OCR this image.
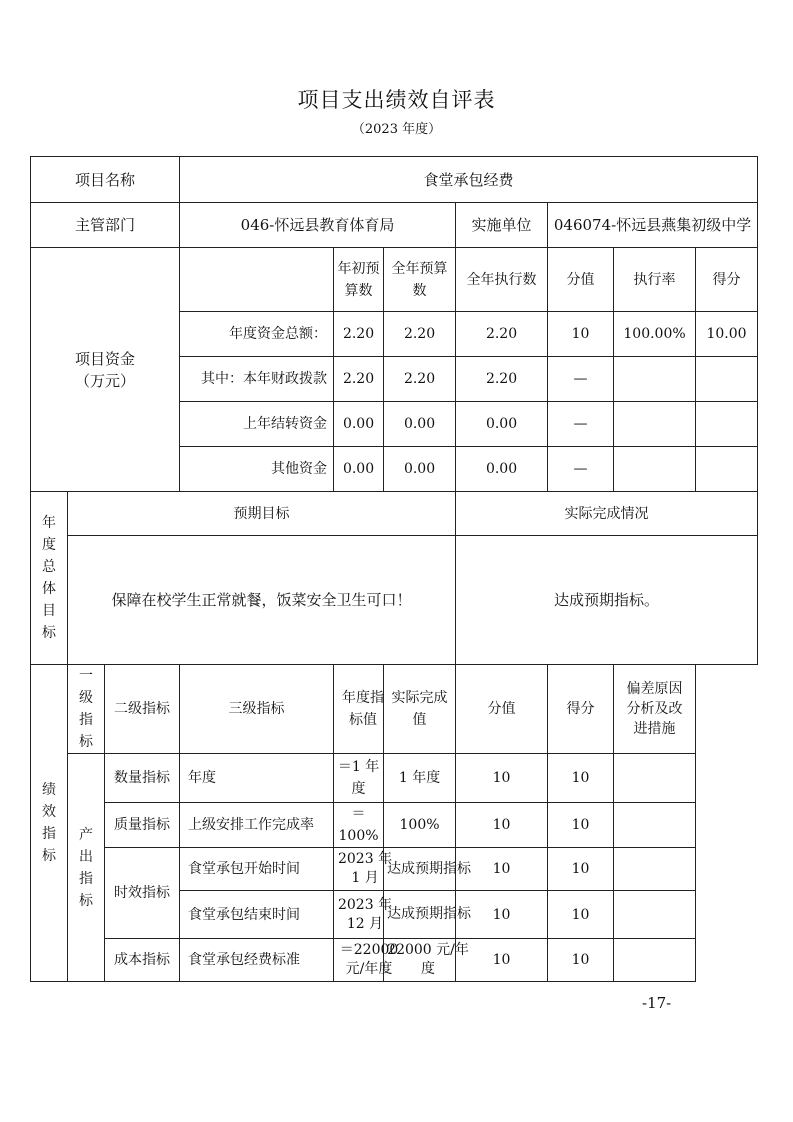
项目支出绩效自评表
（2023 年度）
项目名称			食堂承包经费						
主管部门			046-怀远县教育体育局			实施单位	046074-怀远县燕集初级中学		
项目资金
（万元）				年初预算数	全年预算数	全年执行数	分值	执行率	得分
			年度资金总额：	2.20	2.20	2.20	10	100.00%	10.00
			其中：本年财政拨款	2.20	2.20	2.20	—		
			上年结转资金	0.00	0.00	0.00	—		
			其他资金	0.00	0.00	0.00	—		

年度总体目标	预期目标					实际完成情况			
	保障在校学生正常就餐，饭菜安全卫生可口！					达成预期指标。			

绩效指标	一级指标	二级指标	三级指标	年度指标值	实际完成值	分值	得分	偏差原因分析及改进措施	

	产出指标	数量指标	年度	＝1 年度	1 年度	10	10		
		质量指标	上级安排工作完成率	＝100%	100%	10	10		
		时效指标	食堂承包开始时间	2023 年 1 月	达成预期指标	10	10		
			食堂承包结束时间	2023 年 12 月	达成预期指标	10	10		
		成本指标	食堂承包经费标准	＝22000 元/年度	22000 元/年度	10	10		
-17-
